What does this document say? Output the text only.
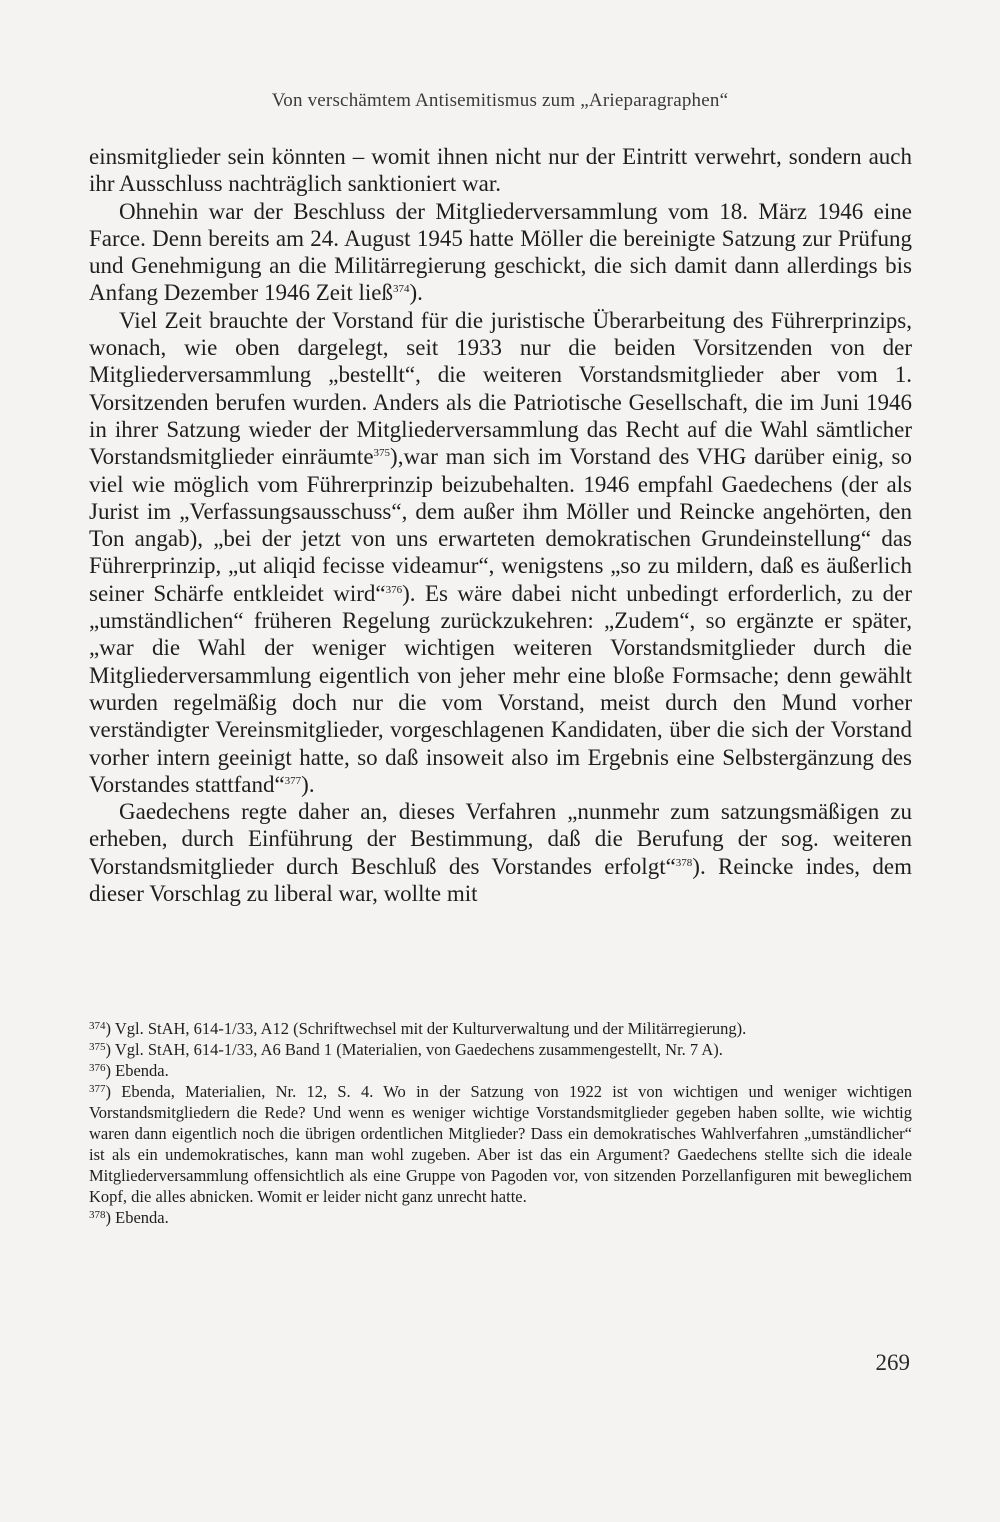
Von verschämtem Antisemitismus zum „Arieparagraphen“

einsmitglieder sein könnten – womit ihnen nicht nur der Eintritt verwehrt, sondern auch ihr Ausschluss nachträglich sanktioniert war.

Ohnehin war der Beschluss der Mitgliederversammlung vom 18. März 1946 eine Farce. Denn bereits am 24. August 1945 hatte Möller die bereinigte Satzung zur Prüfung und Genehmigung an die Militärregierung geschickt, die sich damit dann allerdings bis Anfang Dezember 1946 Zeit ließ$^{374}$).

Viel Zeit brauchte der Vorstand für die juristische Überarbeitung des Führerprinzips, wonach, wie oben dargelegt, seit 1933 nur die beiden Vorsitzenden von der Mitgliederversammlung „bestellt“, die weiteren Vorstandsmitglieder aber vom 1. Vorsitzenden berufen wurden. Anders als die Patriotische Gesellschaft, die im Juni 1946 in ihrer Satzung wieder der Mitgliederversammlung das Recht auf die Wahl sämtlicher Vorstandsmitglieder einräumte$^{375}$),war man sich im Vorstand des VHG darüber einig, so viel wie möglich vom Führerprinzip beizubehalten. 1946 empfahl Gaedechens (der als Jurist im „Verfassungsausschuss“, dem außer ihm Möller und Reincke angehörten, den Ton angab), „bei der jetzt von uns erwarteten demokratischen Grundeinstellung“ das Führerprinzip, „ut aliqid fecisse videamur“, wenigstens „so zu mildern, daß es äußerlich seiner Schärfe entkleidet wird“$^{376}$). Es wäre dabei nicht unbedingt erforderlich, zu der „umständlichen“ früheren Regelung zurückzukehren: „Zudem“, so ergänzte er später, „war die Wahl der weniger wichtigen weiteren Vorstandsmitglieder durch die Mitgliederversammlung eigentlich von jeher mehr eine bloße Formsache; denn gewählt wurden regelmäßig doch nur die vom Vorstand, meist durch den Mund vorher verständigter Vereinsmitglieder, vorgeschlagenen Kandidaten, über die sich der Vorstand vorher intern geeinigt hatte, so daß insoweit also im Ergebnis eine Selbstergänzung des Vorstandes stattfand“$^{377}$).

Gaedechens regte daher an, dieses Verfahren „nunmehr zum satzungsmäßigen zu erheben, durch Einführung der Bestimmung, daß die Berufung der sog. weiteren Vorstandsmitglieder durch Beschluß des Vorstandes erfolgt“$^{378}$). Reincke indes, dem dieser Vorschlag zu liberal war, wollte mit

$^{374}$) Vgl. StAH, 614-1/33, A12 (Schriftwechsel mit der Kulturverwaltung und der Militärregierung).

$^{375}$) Vgl. StAH, 614-1/33, A6 Band 1 (Materialien, von Gaedechens zusammengestellt, Nr. 7 A).

$^{376}$) Ebenda.

$^{377}$) Ebenda, Materialien, Nr. 12, S. 4. Wo in der Satzung von 1922 ist von wichtigen und weniger wichtigen Vorstandsmitgliedern die Rede? Und wenn es weniger wichtige Vorstandsmitglieder gegeben haben sollte, wie wichtig waren dann eigentlich noch die übrigen ordentlichen Mitglieder? Dass ein demokratisches Wahlverfahren „umständlicher“ ist als ein undemokratisches, kann man wohl zugeben. Aber ist das ein Argument? Gaedechens stellte sich die ideale Mitgliederversammlung offensichtlich als eine Gruppe von Pagoden vor, von sitzenden Porzellanfiguren mit beweglichem Kopf, die alles abnicken. Womit er leider nicht ganz unrecht hatte.

$^{378}$) Ebenda.

269
